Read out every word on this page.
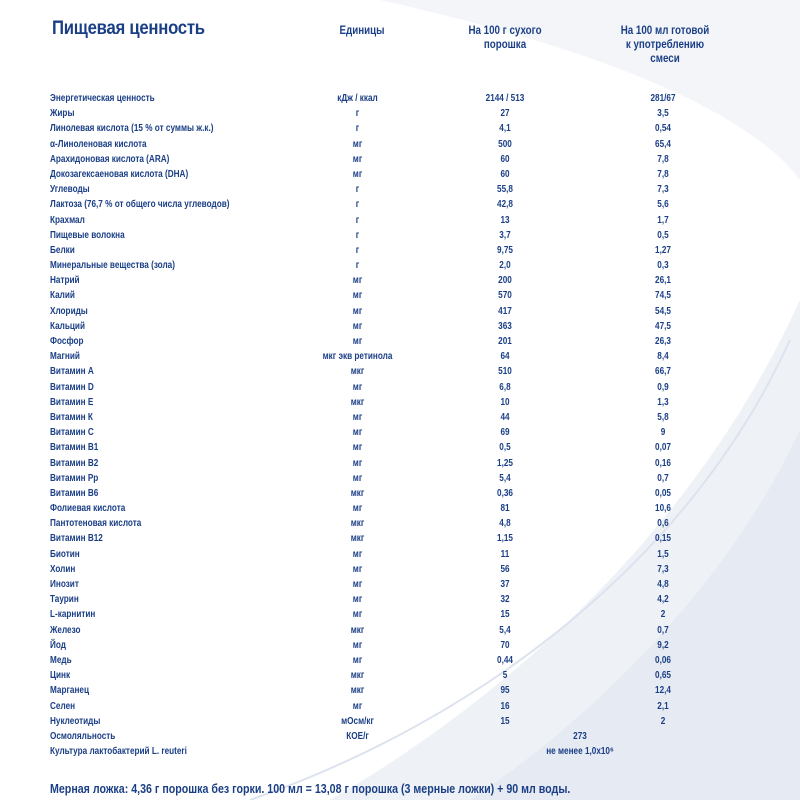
Пищевая ценность	Единицы	На 100 г сухого
порошка
На 100 мл готовой
к употреблению
смеси
Энергетическая ценность	кДж / ккал	2144 / 513	281/67
Жиры	г	27	3,5
Линолевая кислота (15 % от суммы ж.к.)	г	4,1	0,54
α-Линоленовая кислота	мг	500	65,4
Арахидоновая кислота (ARA)	мг	60	7,8
Докозагексаеновая кислота (DHA)	мг	60	7,8
Углеводы	г	55,8	7,3
Лактоза (76,7 % от общего числа углеводов)	г	42,8	5,6
Крахмал	г	13	1,7
Пищевые волокна	г	3,7	0,5
Белки	г	9,75	1,27
Минеральные вещества (зола)	г	2,0	0,3
Натрий	мг	200	26,1
Калий	мг	570	74,5
Хлориды	мг	417	54,5
Кальций	мг	363	47,5
Фосфор	мг	201	26,3
Магний	мкг экв ретинола	64	8,4
Витамин А	мкг	510	66,7
Витамин D	мг	6,8	0,9
Витамин Е	мкг	10	1,3
Витамин К	мг	44	5,8
Витамин С	мг	69	9
Витамин В1	мг	0,5	0,07
Витамин В2	мг	1,25	0,16
Витамин Рр	мг	5,4	0,7
Витамин В6	мкг	0,36	0,05
Фолиевая кислота	мг	81	10,6
Пантотеновая кислота	мкг	4,8	0,6
Витамин В12	мкг	1,15	0,15
Биотин	мг	11	1,5
Холин	мг	56	7,3
Инозит	мг	37	4,8
Таурин	мг	32	4,2
L-карнитин	мг	15	2
Железо	мкг	5,4	0,7
Йод	мг	70	9,2
Медь	мг	0,44	0,06
Цинк	мкг	5	0,65
Марганец	мкг	95	12,4
Селен	мг	16	2,1
Нуклеотиды	мОсм/кг	15	2
Осмоляльность	КОЕ/г	273
Культура лактобактерий L. reuteri	не менее 1,0x10⁶
Мерная ложка: 4,36 г порошка без горки. 100 мл = 13,08 г порошка (3 мерные ложки) + 90 мл воды.
